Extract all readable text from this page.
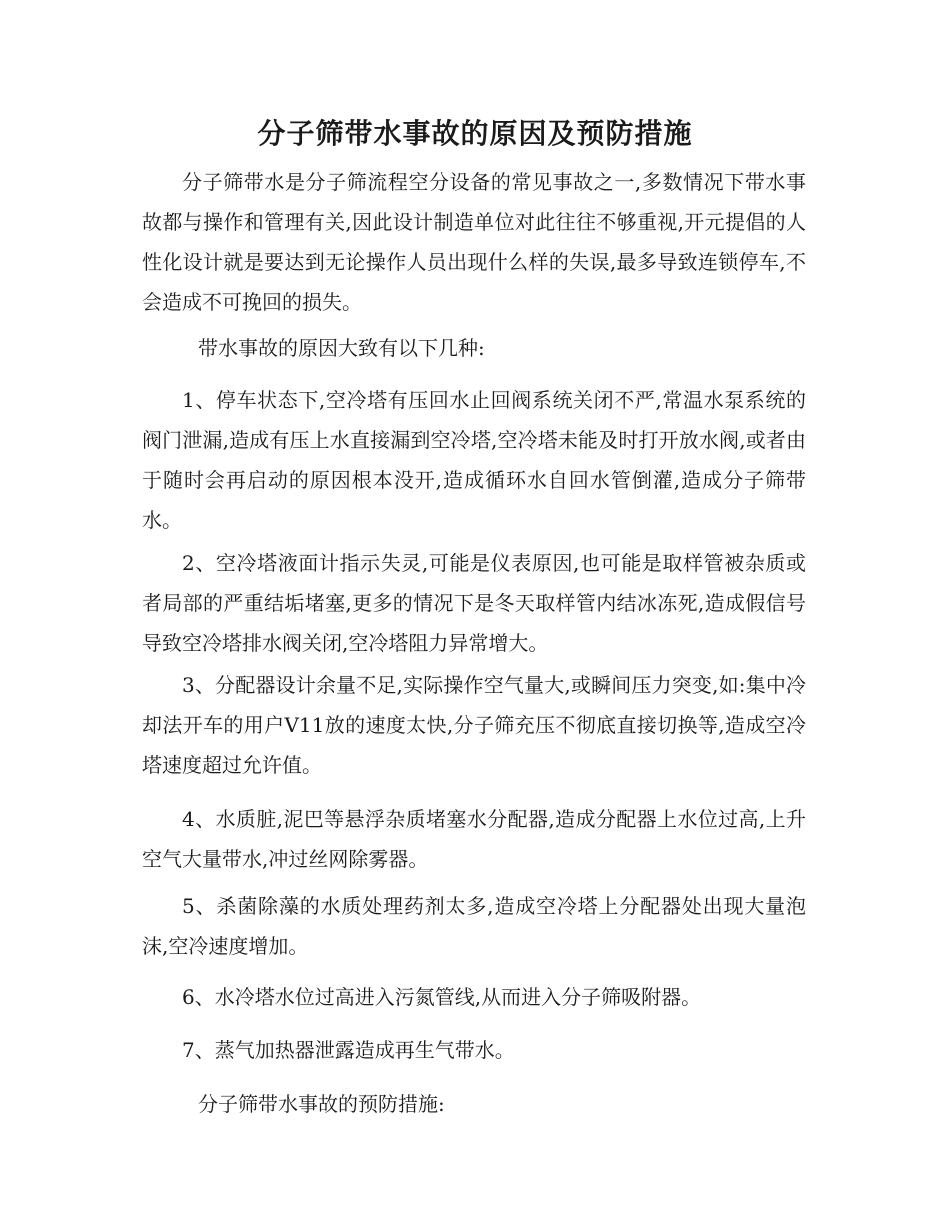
分子筛带水事故的原因及预防措施

分子筛带水是分子筛流程空分设备的常见事故之一,多数情况下带水事故都与操作和管理有关,因此设计制造单位对此往往不够重视,开元提倡的人性化设计就是要达到无论操作人员出现什么样的失误,最多导致连锁停车,不会造成不可挽回的损失。

带水事故的原因大致有以下几种:

1、停车状态下,空冷塔有压回水止回阀系统关闭不严,常温水泵系统的阀门泄漏,造成有压上水直接漏到空冷塔,空冷塔未能及时打开放水阀,或者由于随时会再启动的原因根本没开,造成循环水自回水管倒灌,造成分子筛带水。

2、空冷塔液面计指示失灵,可能是仪表原因,也可能是取样管被杂质或者局部的严重结垢堵塞,更多的情况下是冬天取样管内结冰冻死,造成假信号导致空冷塔排水阀关闭,空冷塔阻力异常增大。

3、分配器设计余量不足,实际操作空气量大,或瞬间压力突变,如:集中冷却法开车的用户V11放的速度太快,分子筛充压不彻底直接切换等,造成空冷塔速度超过允许值。

4、水质脏,泥巴等悬浮杂质堵塞水分配器,造成分配器上水位过高,上升空气大量带水,冲过丝网除雾器。

5、杀菌除藻的水质处理药剂太多,造成空冷塔上分配器处出现大量泡沫,空冷速度增加。

6、水冷塔水位过高进入污氮管线,从而进入分子筛吸附器。

7、蒸气加热器泄露造成再生气带水。

分子筛带水事故的预防措施:
